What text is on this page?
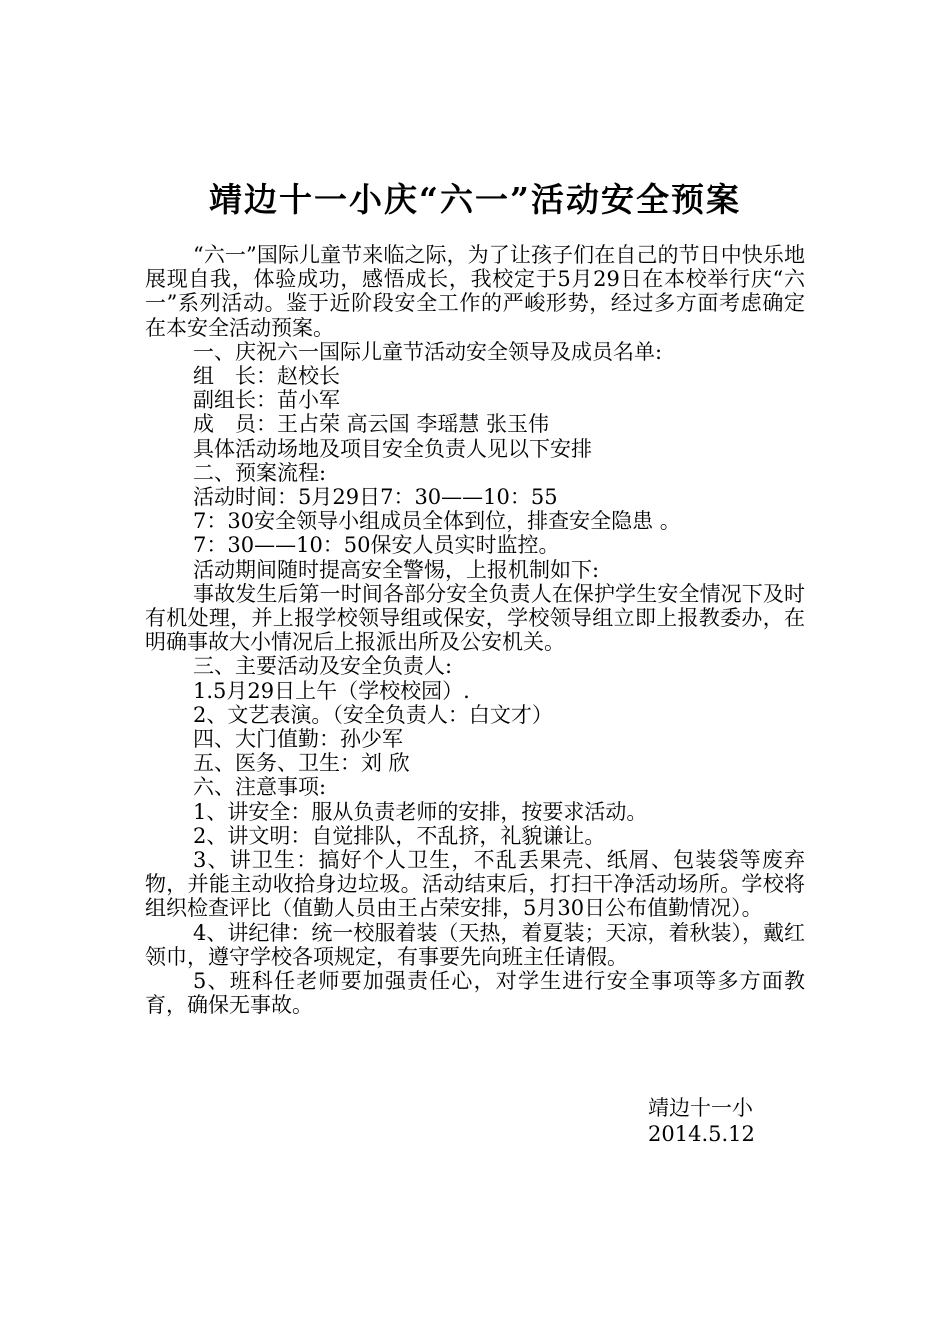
靖边十一小庆“六一”活动安全预案

“六一”国际儿童节来临之际，为了让孩子们在自己的节日中快乐地展现自我，体验成功，感悟成长，我校定于5月29日在本校举行庆“六一”系列活动。鉴于近阶段安全工作的严峻形势，经过多方面考虑确定在本安全活动预案。

一、庆祝六一国际儿童节活动安全领导及成员名单:

组　长：赵校长

副组长：苗小军

成　员：王占荣 高云国 李瑶慧 张玉伟

具体活动场地及项目安全负责人见以下安排

二、预案流程:

活动时间：5月29日7：30——10：55

7：30安全领导小组成员全体到位，排查安全隐患 。

7：30——10：50保安人员实时监控。

活动期间随时提高安全警惕，上报机制如下:

事故发生后第一时间各部分安全负责人在保护学生安全情况下及时有机处理，并上报学校领导组或保安，学校领导组立即上报教委办，在明确事故大小情况后上报派出所及公安机关。

三、主要活动及安全负责人:

1.5月29日上午（学校校园）.

2、文艺表演。（安全负责人：白文才）

四、大门值勤：孙少军

五、医务、卫生：刘 欣

六、注意事项:

1、讲安全：服从负责老师的安排，按要求活动。

2、讲文明：自觉排队，不乱挤，礼貌谦让。

3、讲卫生：搞好个人卫生，不乱丢果壳、纸屑、包装袋等废弃物，并能主动收拾身边垃圾。活动结束后，打扫干净活动场所。学校将组织检查评比（值勤人员由王占荣安排，5月30日公布值勤情况）。

4、讲纪律：统一校服着装（天热，着夏装；天凉，着秋装），戴红领巾，遵守学校各项规定，有事要先向班主任请假。

5、班科任老师要加强责任心，对学生进行安全事项等多方面教育，确保无事故。

靖边十一小

2014.5.12
